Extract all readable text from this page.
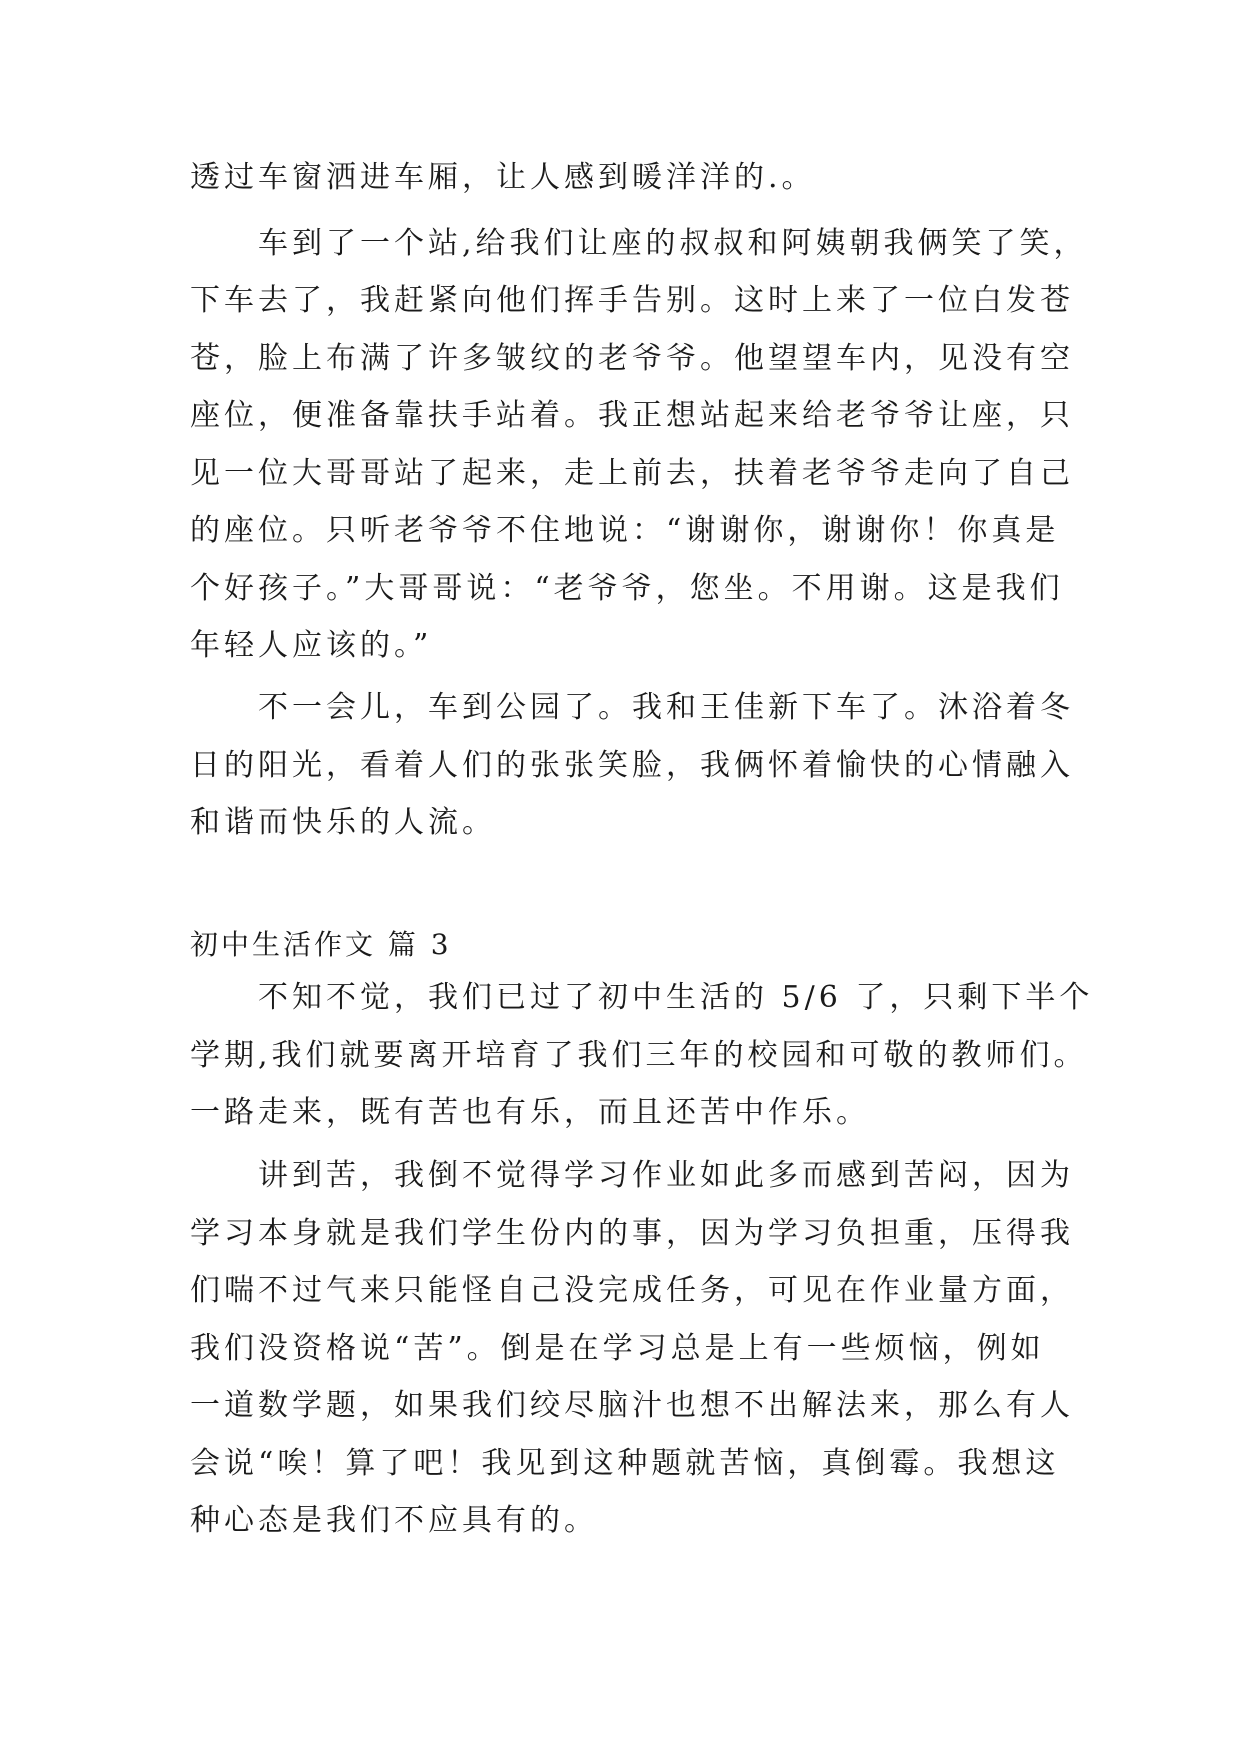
透过车窗洒进车厢，让人感到暖洋洋的.。
车到了一个站,给我们让座的叔叔和阿姨朝我俩笑了笑，
下车去了，我赶紧向他们挥手告别。这时上来了一位白发苍
苍，脸上布满了许多皱纹的老爷爷。他望望车内，见没有空
座位，便准备靠扶手站着。我正想站起来给老爷爷让座，只
见一位大哥哥站了起来，走上前去，扶着老爷爷走向了自己
的座位。只听老爷爷不住地说：“谢谢你，谢谢你！你真是
个好孩子。”大哥哥说：“老爷爷，您坐。不用谢。这是我们
年轻人应该的。”
不一会儿，车到公园了。我和王佳新下车了。沐浴着冬
日的阳光，看着人们的张张笑脸，我俩怀着愉快的心情融入
和谐而快乐的人流。
初中生活作文 篇 3
不知不觉，我们已过了初中生活的 5/6 了，只剩下半个
学期,我们就要离开培育了我们三年的校园和可敬的教师们。
一路走来，既有苦也有乐，而且还苦中作乐。
讲到苦，我倒不觉得学习作业如此多而感到苦闷，因为
学习本身就是我们学生份内的事，因为学习负担重，压得我
们喘不过气来只能怪自己没完成任务，可见在作业量方面，
我们没资格说“苦”。倒是在学习总是上有一些烦恼，例如
一道数学题，如果我们绞尽脑汁也想不出解法来，那么有人
会说“唉！算了吧！我见到这种题就苦恼，真倒霉。我想这
种心态是我们不应具有的。
